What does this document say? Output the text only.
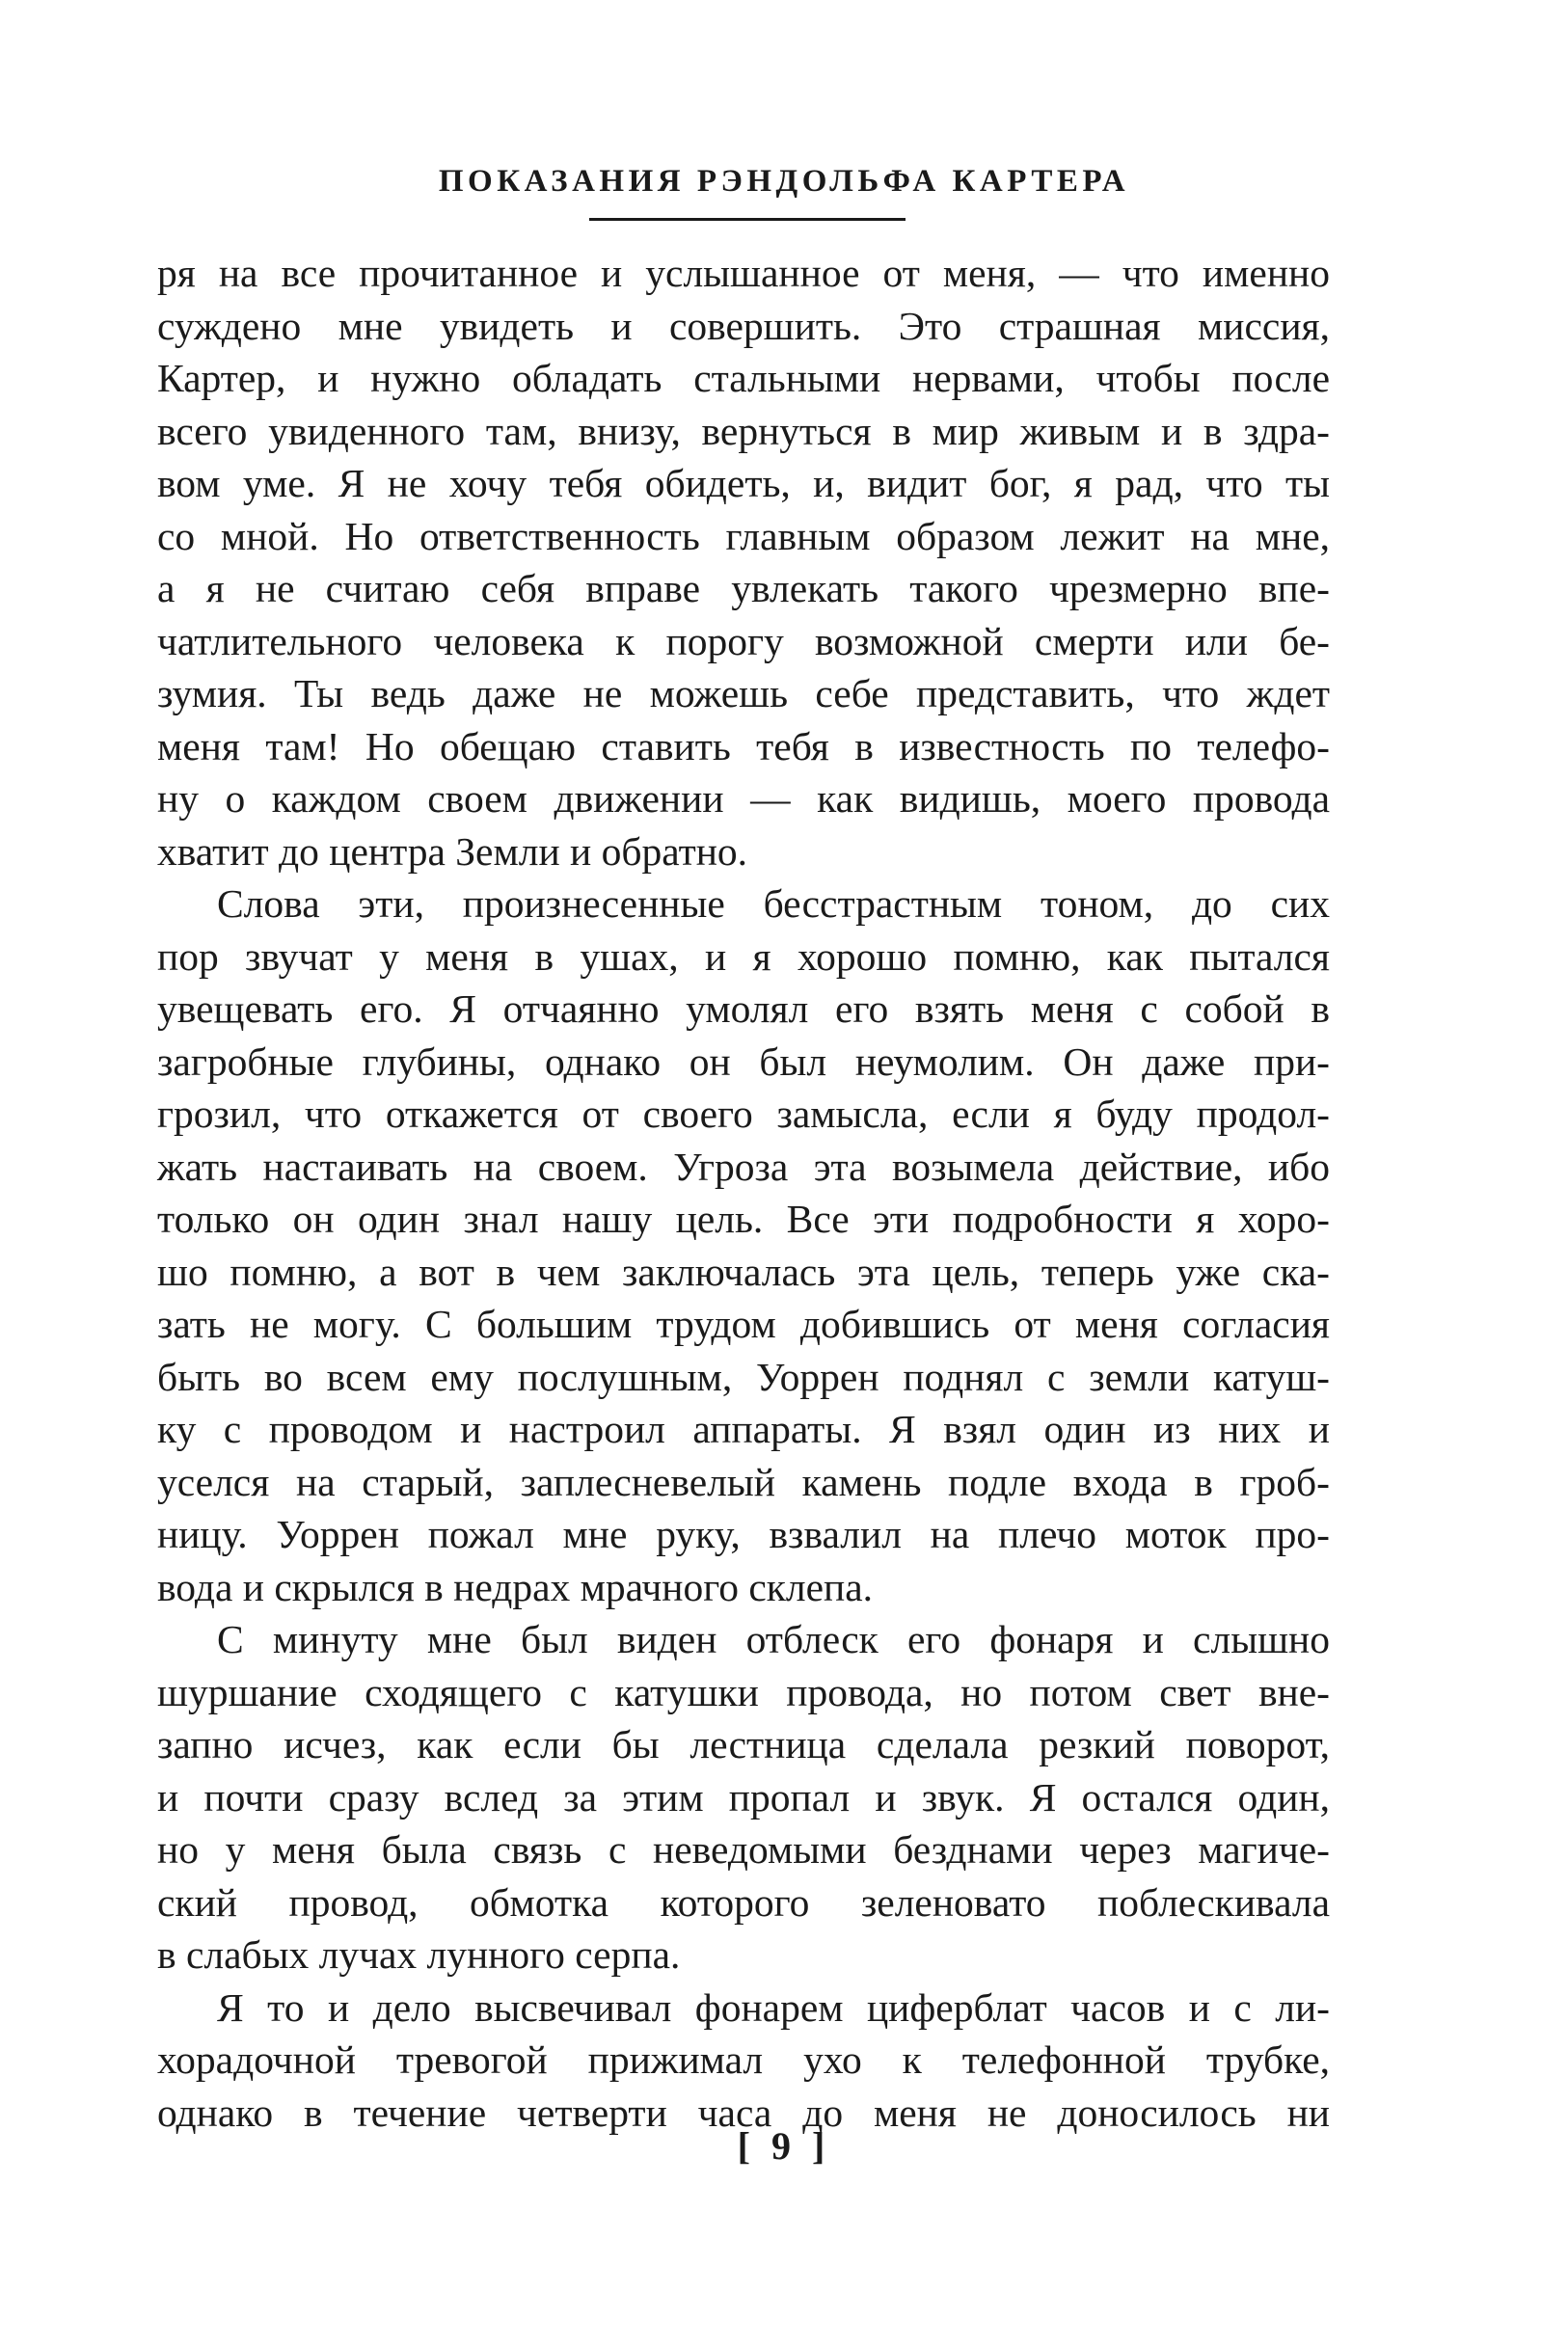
ПОКАЗАНИЯ РЭНДОЛЬФА КАРТЕРА
ря на все прочитанное и услышанное от меня, — что именно
суждено мне увидеть и совершить. Это страшная миссия,
Картер, и нужно обладать стальными нервами, чтобы после
всего увиденного там, внизу, вернуться в мир живым и в здра-
вом уме. Я не хочу тебя обидеть, и, видит бог, я рад, что ты
со мной. Но ответственность главным образом лежит на мне,
а я не считаю себя вправе увлекать такого чрезмерно впе-
чатлительного человека к порогу возможной смерти или бе-
зумия. Ты ведь даже не можешь себе представить, что ждет
меня там! Но обещаю ставить тебя в известность по телефо-
ну о каждом своем движении — как видишь, моего провода
хватит до центра Земли и обратно.
Слова эти, произнесенные бесстрастным тоном, до сих
пор звучат у меня в ушах, и я хорошо помню, как пытался
увещевать его. Я отчаянно умолял его взять меня с собой в
загробные глубины, однако он был неумолим. Он даже при-
грозил, что откажется от своего замысла, если я буду продол-
жать настаивать на своем. Угроза эта возымела действие, ибо
только он один знал нашу цель. Все эти подробности я хоро-
шо помню, а вот в чем заключалась эта цель, теперь уже ска-
зать не могу. С большим трудом добившись от меня согласия
быть во всем ему послушным, Уоррен поднял с земли катуш-
ку с проводом и настроил аппараты. Я взял один из них и
уселся на старый, заплесневелый камень подле входа в гроб-
ницу. Уоррен пожал мне руку, взвалил на плечо моток про-
вода и скрылся в недрах мрачного склепа.
С минуту мне был виден отблеск его фонаря и слышно
шуршание сходящего с катушки провода, но потом свет вне-
запно исчез, как если бы лестница сделала резкий поворот,
и почти сразу вслед за этим пропал и звук. Я остался один,
но у меня была связь с неведомыми безднами через магиче-
ский провод, обмотка которого зеленовато поблескивала
в слабых лучах лунного серпа.
Я то и дело высвечивал фонарем циферблат часов и с ли-
хорадочной тревогой прижимал ухо к телефонной трубке,
однако в течение четверти часа до меня не доносилось ни
[ 9 ]
